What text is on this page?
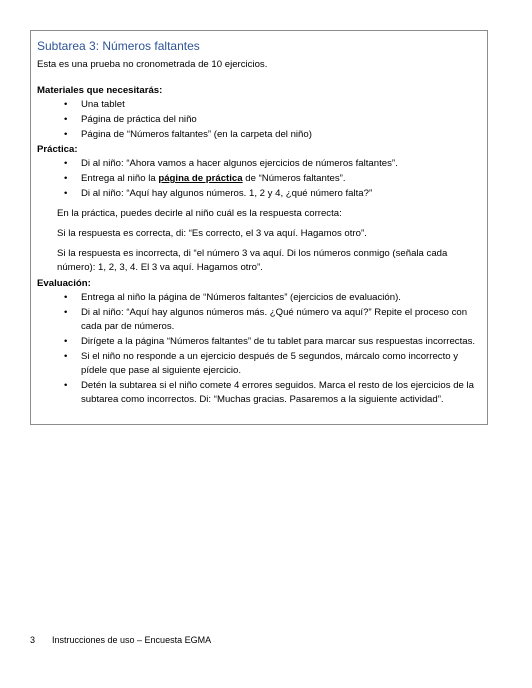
Subtarea 3: Números faltantes

Esta es una prueba no cronometrada de 10 ejercicios.

Materiales que necesitarás:

• Una tablet
• Página de práctica del niño
• Página de “Números faltantes” (en la carpeta del niño)

Práctica:

• Di al niño: “Ahora vamos a hacer algunos ejercicios de números faltantes”.
• Entrega al niño la página de práctica de “Números faltantes”.
• Di al niño: “Aquí hay algunos números. 1, 2 y 4, ¿qué número falta?”

En la práctica, puedes decirle al niño cuál es la respuesta correcta:

Si la respuesta es correcta, di: “Es correcto, el 3 va aquí. Hagamos otro”.

Si la respuesta es incorrecta, di “el número 3 va aquí. Di los números conmigo (señala cada número): 1, 2, 3, 4. El 3 va aquí. Hagamos otro”.

Evaluación:

• Entrega al niño la página de “Números faltantes” (ejercicios de evaluación).
• Di al niño: “Aquí hay algunos números más. ¿Qué número va aquí?” Repite el proceso con cada par de números.
• Dirígete a la página “Números faltantes” de tu tablet para marcar sus respuestas incorrectas.
• Si el niño no responde a un ejercicio después de 5 segundos, márcalo como incorrecto y pídele que pase al siguiente ejercicio.
• Detén la subtarea si el niño comete 4 errores seguidos. Marca el resto de los ejercicios de la subtarea como incorrectos. Di: “Muchas gracias. Pasaremos a la siguiente actividad”.
3 Instrucciones de uso – Encuesta EGMA
